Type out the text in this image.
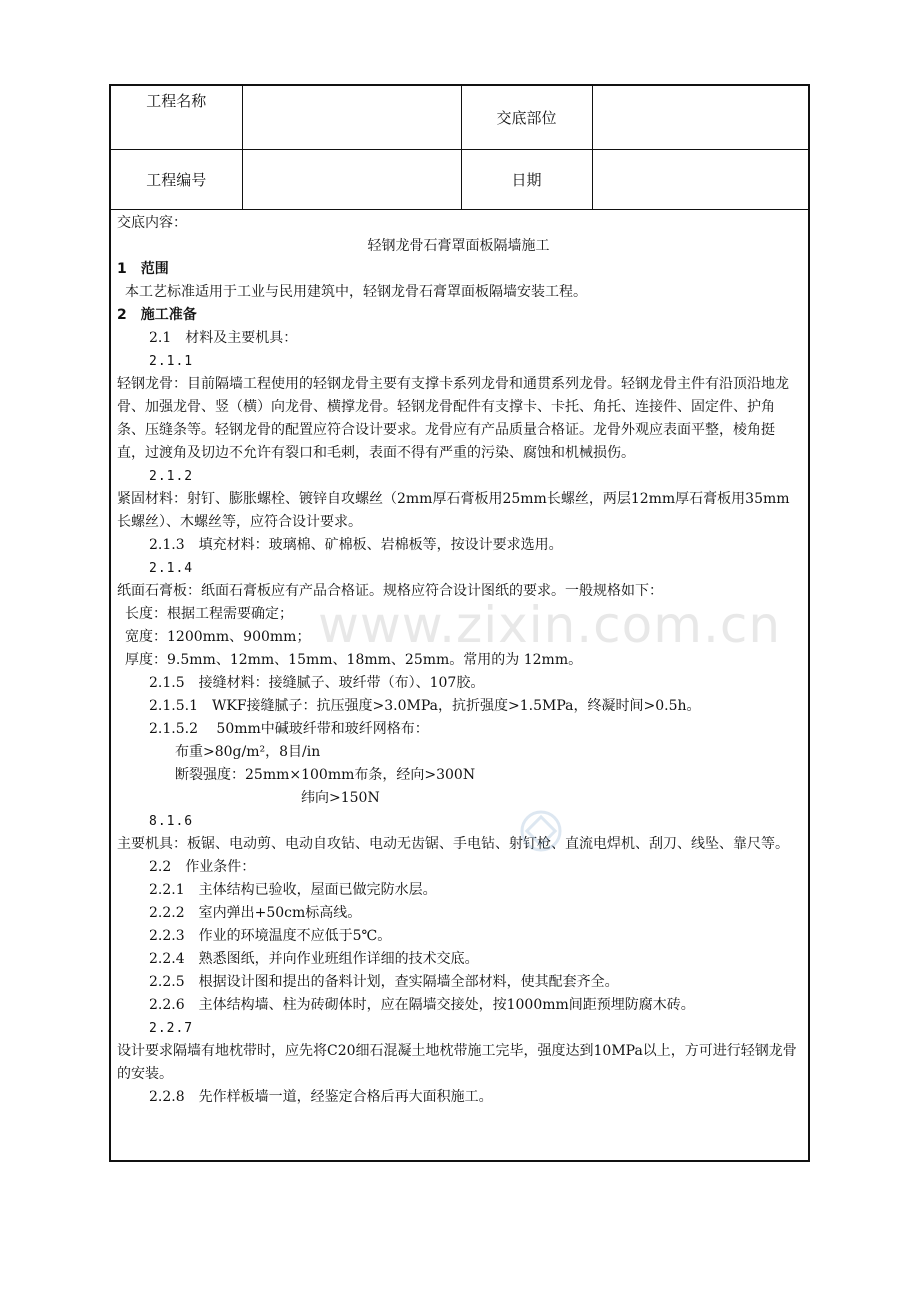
工程名称		交底部位	
工程编号		日期	

交底内容：

轻钢龙骨石膏罩面板隔墙施工

1　范围

本工艺标准适用于工业与民用建筑中，轻钢龙骨石膏罩面板隔墙安装工程。

2　施工准备

2.1　材料及主要机具：

2.1.1

轻钢龙骨：目前隔墙工程使用的轻钢龙骨主要有支撑卡系列龙骨和通贯系列龙骨。轻钢龙骨主件有沿顶沿地龙骨、加强龙骨、竖（横）向龙骨、横撑龙骨。轻钢龙骨配件有支撑卡、卡托、角托、连接件、固定件、护角条、压缝条等。轻钢龙骨的配置应符合设计要求。龙骨应有产品质量合格证。龙骨外观应表面平整，棱角挺直，过渡角及切边不允许有裂口和毛刺，表面不得有严重的污染、腐蚀和机械损伤。

2.1.2

紧固材料：射钉、膨胀螺栓、镀锌自攻螺丝（2mm厚石膏板用25mm长螺丝，两层12mm厚石膏板用35mm长螺丝）、木螺丝等，应符合设计要求。

2.1.3　填充材料：玻璃棉、矿棉板、岩棉板等，按设计要求选用。

2.1.4

纸面石膏板：纸面石膏板应有产品合格证。规格应符合设计图纸的要求。一般规格如下：

长度：根据工程需要确定；

宽度：1200mm、900mm；

厚度：9.5mm、12mm、15mm、18mm、25mm。常用的为 12mm。

2.1.5　接缝材料：接缝腻子、玻纤带（布）、107胶。

2.1.5.1　WKF接缝腻子：抗压强度>3.0MPa，抗折强度>1.5MPa，终凝时间>0.5h。

2.1.5.2　 50mm中碱玻纤带和玻纤网格布：

布重>80g/m²，8目/in

断裂强度：25mm×100mm布条，经向>300N

纬向>150N

8.1.6

主要机具：板锯、电动剪、电动自攻钻、电动无齿锯、手电钻、射钉枪、直流电焊机、刮刀、线坠、靠尺等。

2.2　作业条件：

2.2.1　主体结构已验收，屋面已做完防水层。

2.2.2　室内弹出+50cm标高线。

2.2.3　作业的环境温度不应低于5℃。

2.2.4　熟悉图纸，并向作业班组作详细的技术交底。

2.2.5　根据设计图和提出的备料计划，查实隔墙全部材料，使其配套齐全。

2.2.6　主体结构墙、柱为砖砌体时，应在隔墙交接处，按1000mm间距预埋防腐木砖。

2.2.7

设计要求隔墙有地枕带时，应先将C20细石混凝土地枕带施工完毕，强度达到10MPa以上，方可进行轻钢龙骨的安装。

2.2.8　先作样板墙一道，经鉴定合格后再大面积施工。

www.zixin.com.cn
